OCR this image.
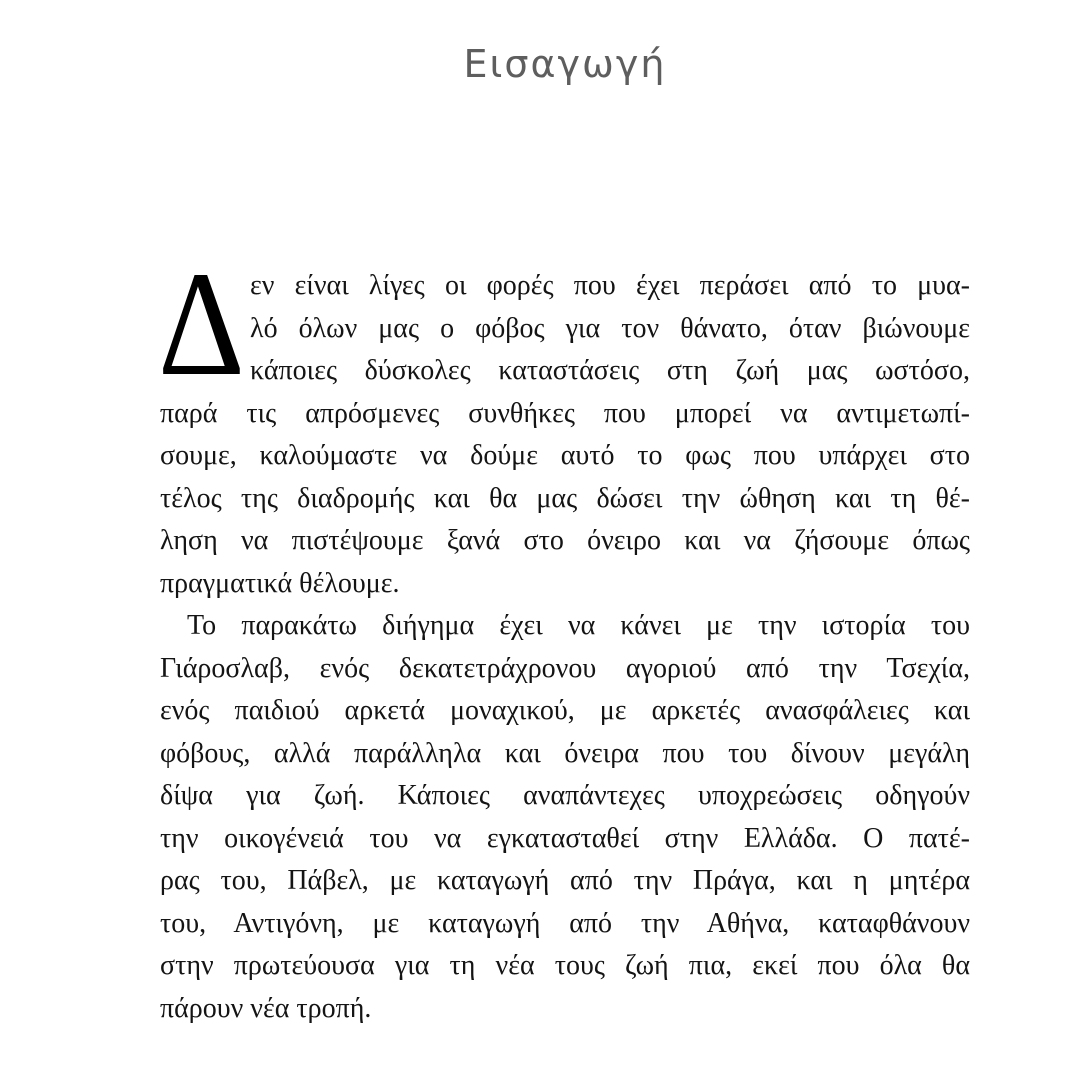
Εισαγωγή
Δ εν είναι λίγες οι φορές που έχει περάσει από το μυα-
λό όλων μας ο φόβος για τον θάνατο, όταν βιώνουμε
κάποιες δύσκολες καταστάσεις στη ζωή μας ωστόσο,
παρά τις απρόσμενες συνθήκες που μπορεί να αντιμετωπί-
σουμε, καλούμαστε να δούμε αυτό το φως που υπάρχει στο
τέλος της διαδρομής και θα μας δώσει την ώθηση και τη θέ-
ληση να πιστέψουμε ξανά στο όνειρο και να ζήσουμε όπως
πραγματικά θέλουμε.
Το παρακάτω διήγημα έχει να κάνει με την ιστορία του
Γιάροσλαβ, ενός δεκατετράχρονου αγοριού από την Τσεχία,
ενός παιδιού αρκετά μοναχικού, με αρκετές ανασφάλειες και
φόβους, αλλά παράλληλα και όνειρα που του δίνουν μεγάλη
δίψα για ζωή. Κάποιες αναπάντεχες υποχρεώσεις οδηγούν
την οικογένειά του να εγκατασταθεί στην Ελλάδα. Ο πατέ-
ρας του, Πάβελ, με καταγωγή από την Πράγα, και η μητέρα
του, Αντιγόνη, με καταγωγή από την Αθήνα, καταφθάνουν
στην πρωτεύουσα για τη νέα τους ζωή πια, εκεί που όλα θα
πάρουν νέα τροπή.
